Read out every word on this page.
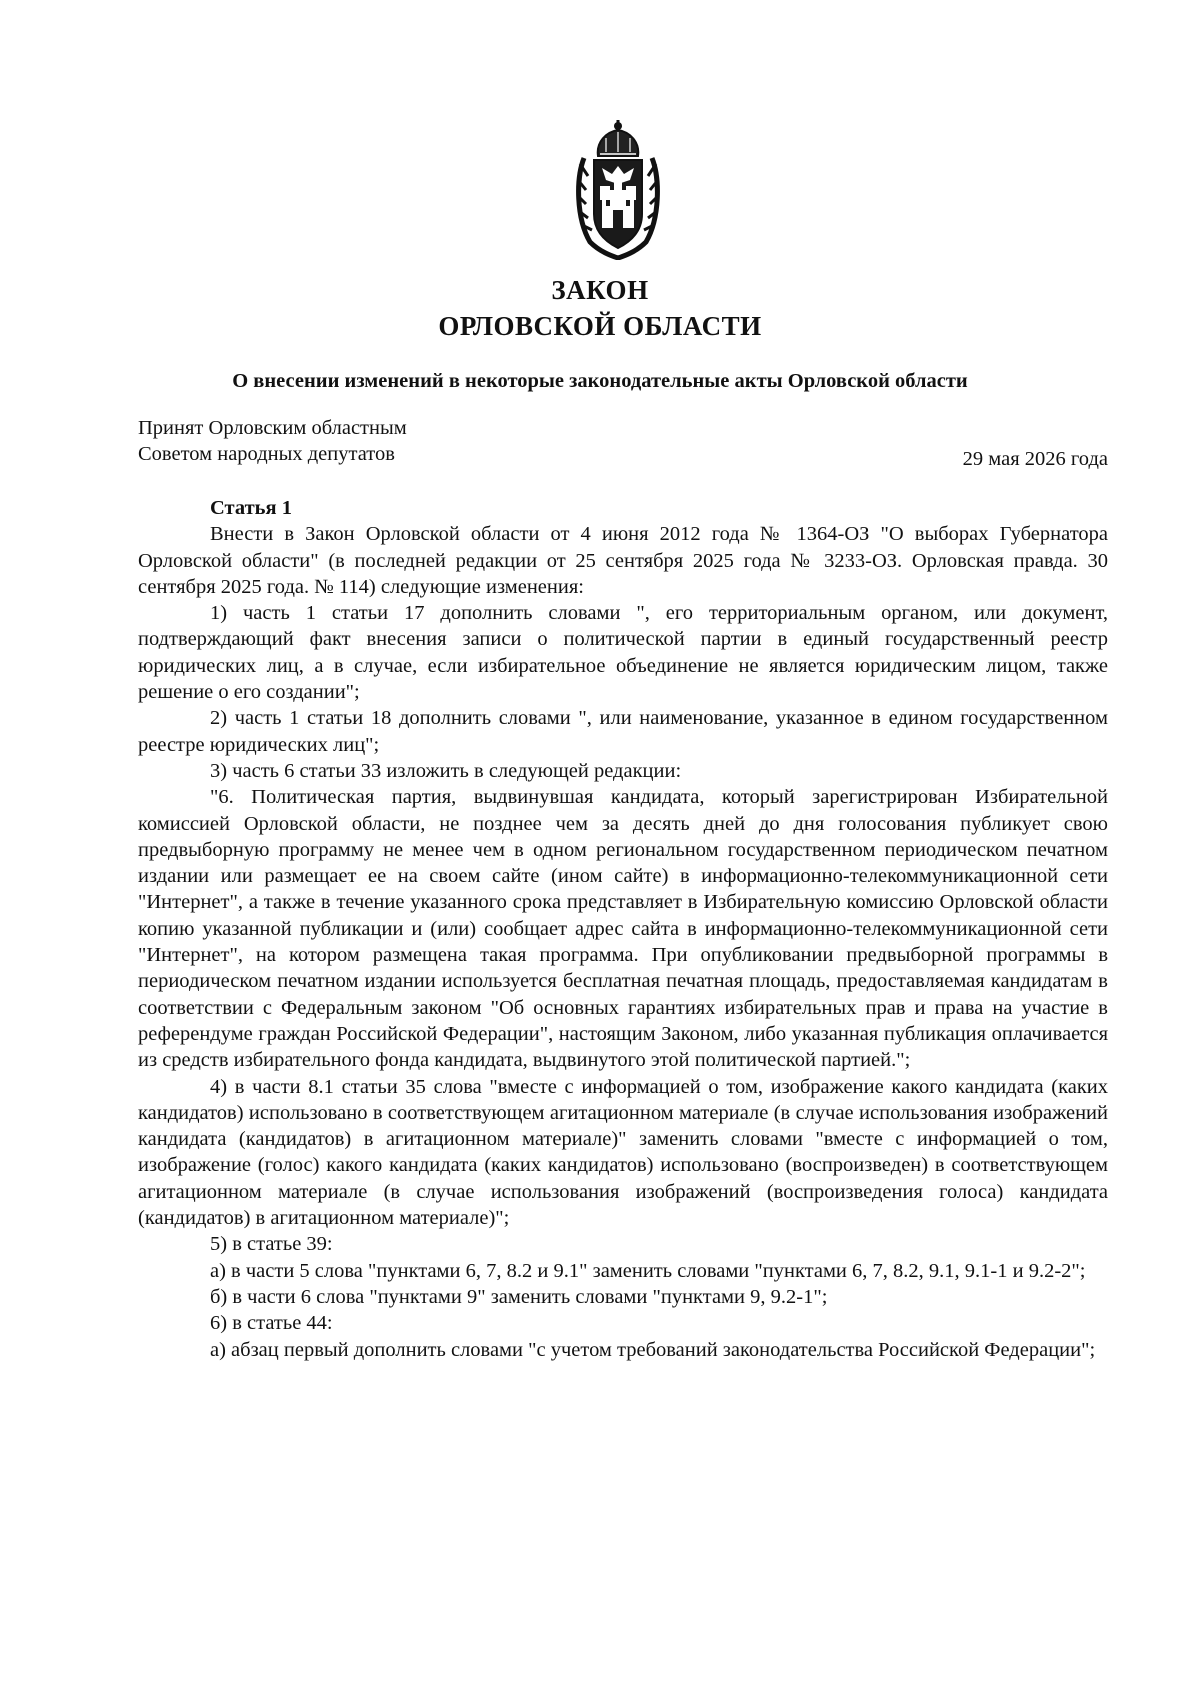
ЗАКОН
ОРЛОВСКОЙ ОБЛАСТИ
О внесении изменений в некоторые законодательные акты Орловской области
Принят Орловским областным
Советом народных депутатов	29 мая 2026 года

Статья 1

Внести в Закон Орловской области от 4 июня 2012 года № 1364-ОЗ "О выборах Губернатора Орловской области" (в последней редакции от 25 сентября 2025 года № 3233-ОЗ. Орловская правда. 30 сентября 2025 года. № 114) следующие изменения:

1) часть 1 статьи 17 дополнить словами ", его территориальным органом, или документ, подтверждающий факт внесения записи о политической партии в единый государственный реестр юридических лиц, а в случае, если избирательное объединение не является юридическим лицом, также решение о его создании";

2) часть 1 статьи 18 дополнить словами ", или наименование, указанное в едином государственном реестре юридических лиц";

3) часть 6 статьи 33 изложить в следующей редакции:

"6. Политическая партия, выдвинувшая кандидата, который зарегистрирован Избирательной комиссией Орловской области, не позднее чем за десять дней до дня голосования публикует свою предвыборную программу не менее чем в одном региональном государственном периодическом печатном издании или размещает ее на своем сайте (ином сайте) в информационно-телекоммуникационной сети "Интернет", а также в течение указанного срока представляет в Избирательную комиссию Орловской области копию указанной публикации и (или) сообщает адрес сайта в информационно-телекоммуникационной сети "Интернет", на котором размещена такая программа. При опубликовании предвыборной программы в периодическом печатном издании используется бесплатная печатная площадь, предоставляемая кандидатам в соответствии с Федеральным законом "Об основных гарантиях избирательных прав и права на участие в референдуме граждан Российской Федерации", настоящим Законом, либо указанная публикация оплачивается из средств избирательного фонда кандидата, выдвинутого этой политической партией.";

4) в части 8.1 статьи 35 слова "вместе с информацией о том, изображение какого кандидата (каких кандидатов) использовано в соответствующем агитационном материале (в случае использования изображений кандидата (кандидатов) в агитационном материале)" заменить словами "вместе с информацией о том, изображение (голос) какого кандидата (каких кандидатов) использовано (воспроизведен) в соответствующем агитационном материале (в случае использования изображений (воспроизведения голоса) кандидата (кандидатов) в агитационном материале)";

5) в статье 39:

а) в части 5 слова "пунктами 6, 7, 8.2 и 9.1" заменить словами "пунктами 6, 7, 8.2, 9.1, 9.1-1 и 9.2-2";

б) в части 6 слова "пунктами 9" заменить словами "пунктами 9, 9.2-1";

6) в статье 44:

а) абзац первый дополнить словами "с учетом требований законодательства Российской Федерации";
